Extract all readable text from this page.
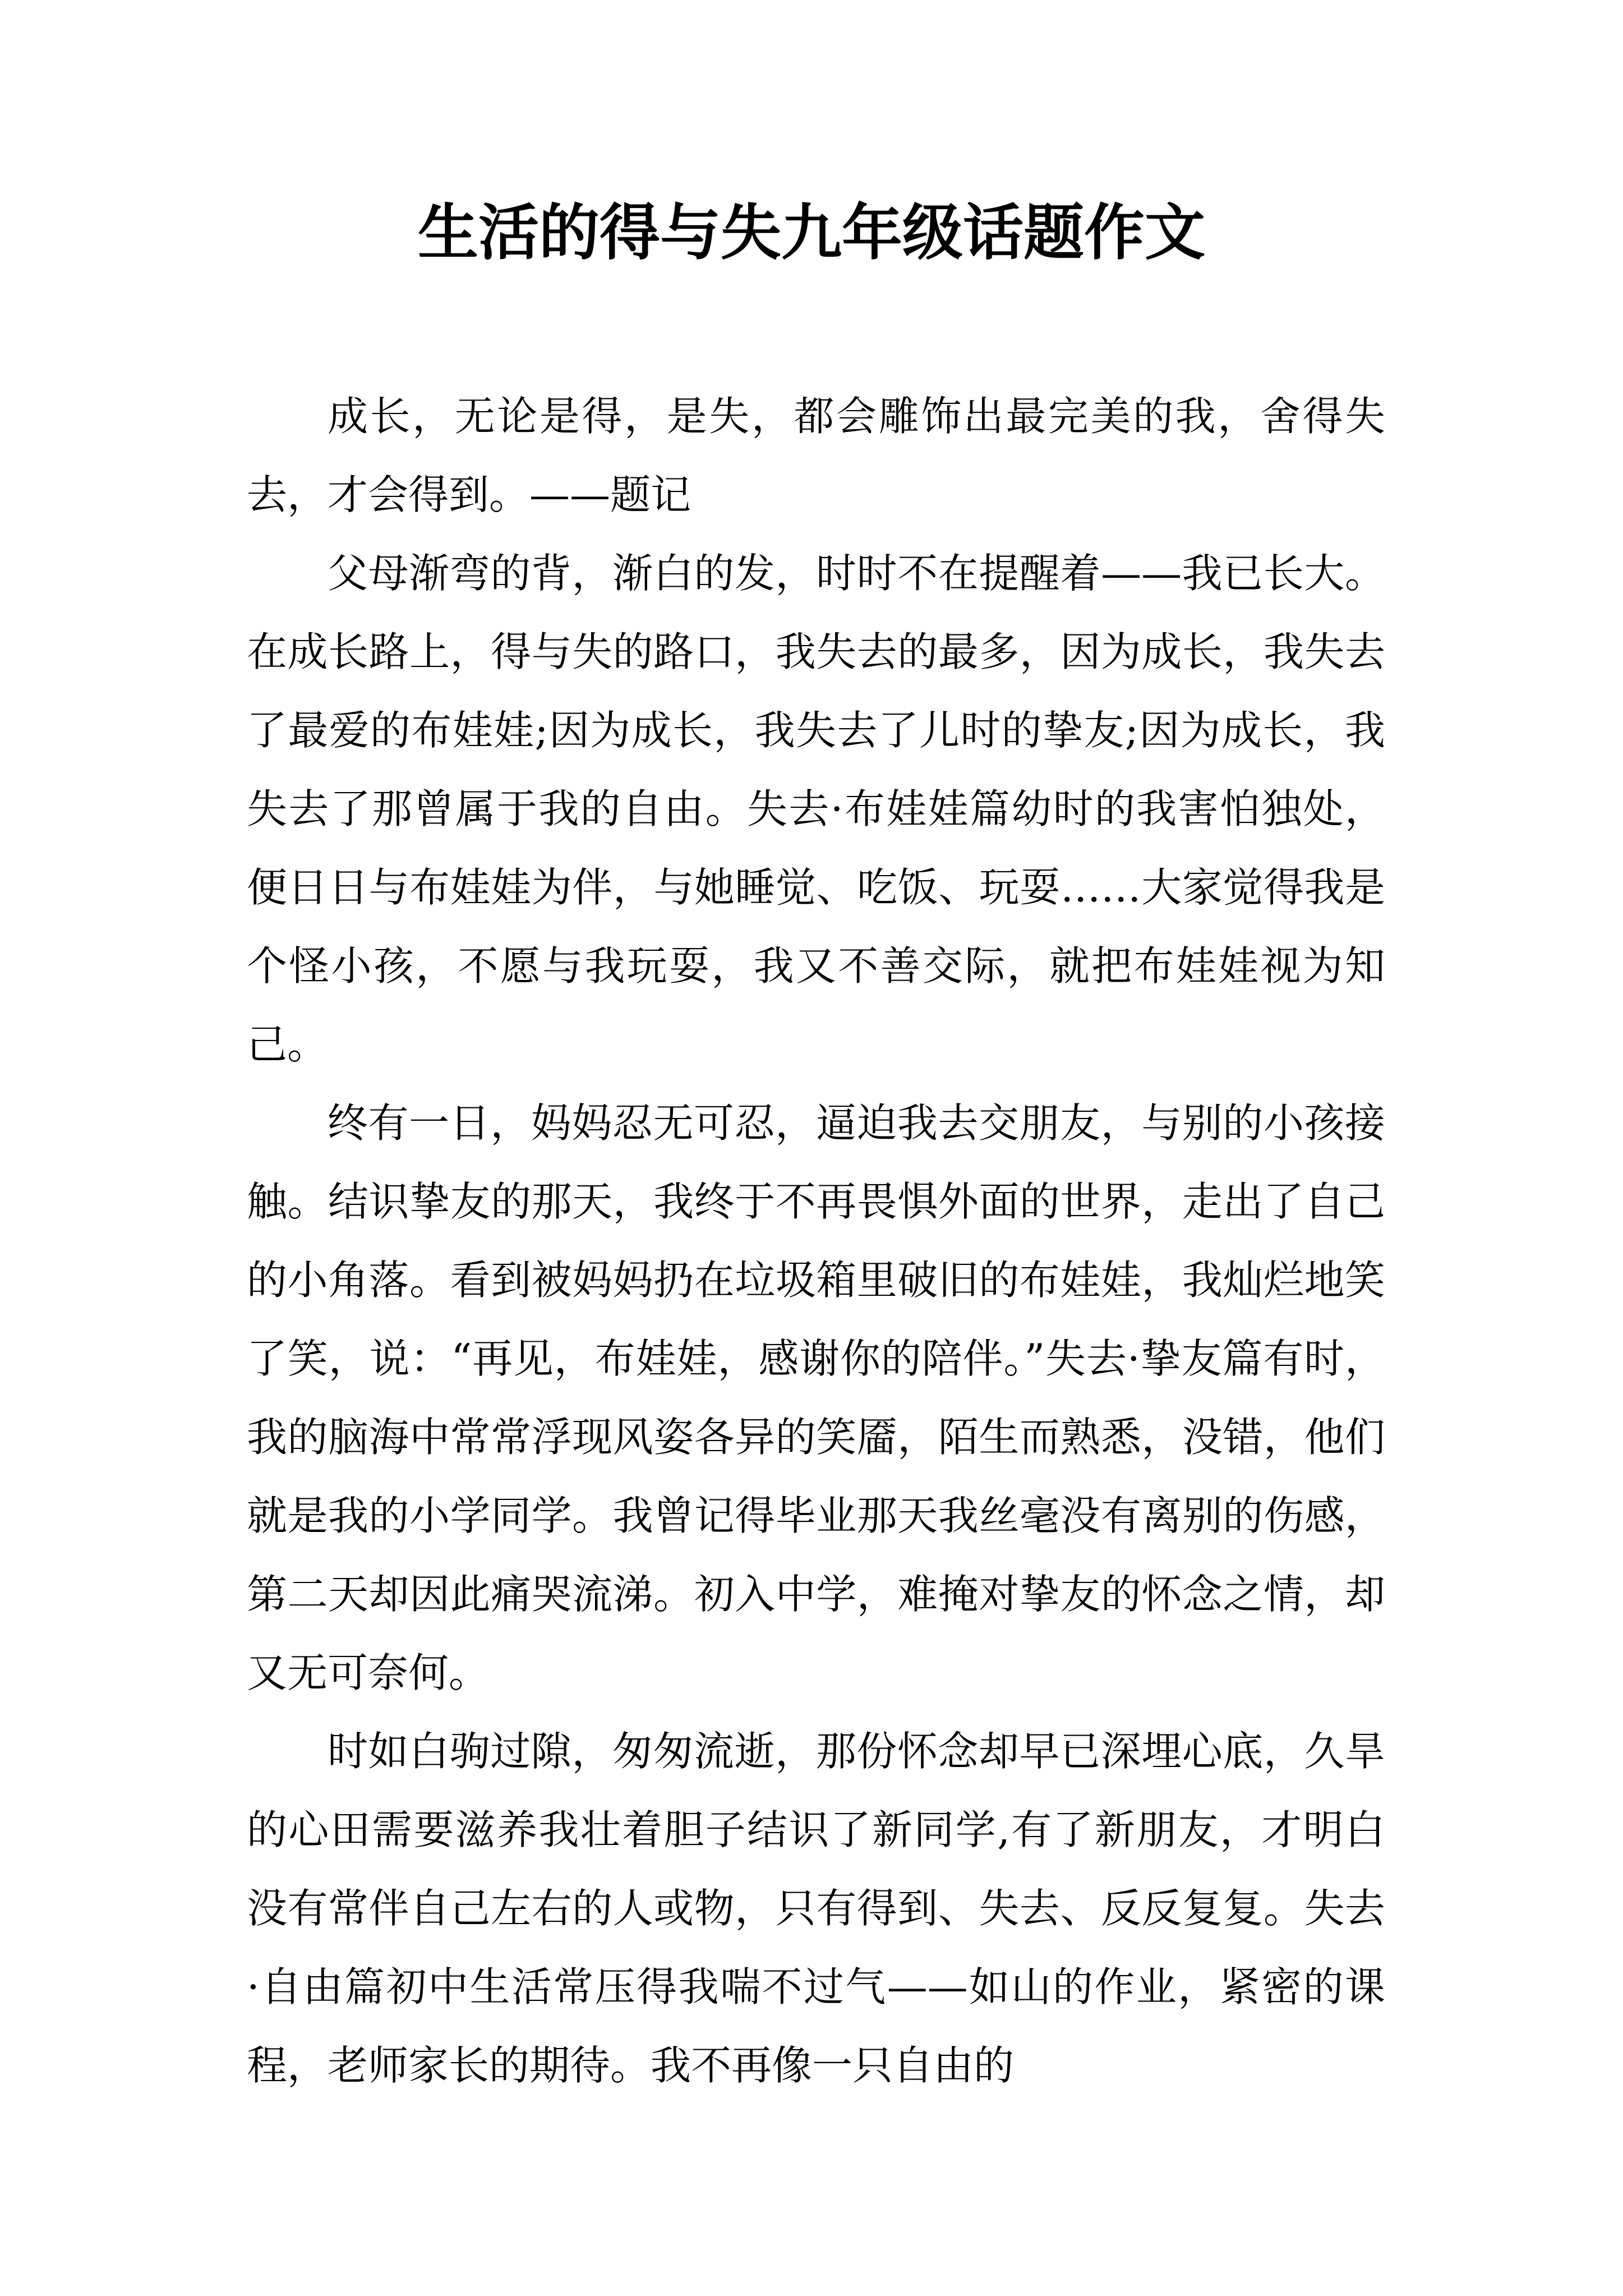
生活的得与失九年级话题作文

成长，无论是得，是失，都会雕饰出最完美的我，舍得失去，才会得到。——题记

父母渐弯的背，渐白的发，时时不在提醒着——我已长大。在成长路上，得与失的路口，我失去的最多，因为成长，我失去了最爱的布娃娃;因为成长，我失去了儿时的挚友;因为成长，我失去了那曾属于我的自由。失去·布娃娃篇幼时的我害怕独处，便日日与布娃娃为伴，与她睡觉、吃饭、玩耍……大家觉得我是个怪小孩，不愿与我玩耍，我又不善交际，就把布娃娃视为知己。

终有一日，妈妈忍无可忍，逼迫我去交朋友，与别的小孩接触。结识挚友的那天，我终于不再畏惧外面的世界，走出了自己的小角落。看到被妈妈扔在垃圾箱里破旧的布娃娃，我灿烂地笑了笑，说：“再见，布娃娃，感谢你的陪伴。”失去·挚友篇有时，我的脑海中常常浮现风姿各异的笑靥，陌生而熟悉，没错，他们就是我的小学同学。我曾记得毕业那天我丝毫没有离别的伤感，第二天却因此痛哭流涕。初入中学，难掩对挚友的怀念之情，却又无可奈何。

时如白驹过隙，匆匆流逝，那份怀念却早已深埋心底，久旱的心田需要滋养我壮着胆子结识了新同学,有了新朋友，才明白没有常伴自己左右的人或物，只有得到、失去、反反复复。失去·自由篇初中生活常压得我喘不过气——如山的作业，紧密的课程，老师家长的期待。我不再像一只自由的
